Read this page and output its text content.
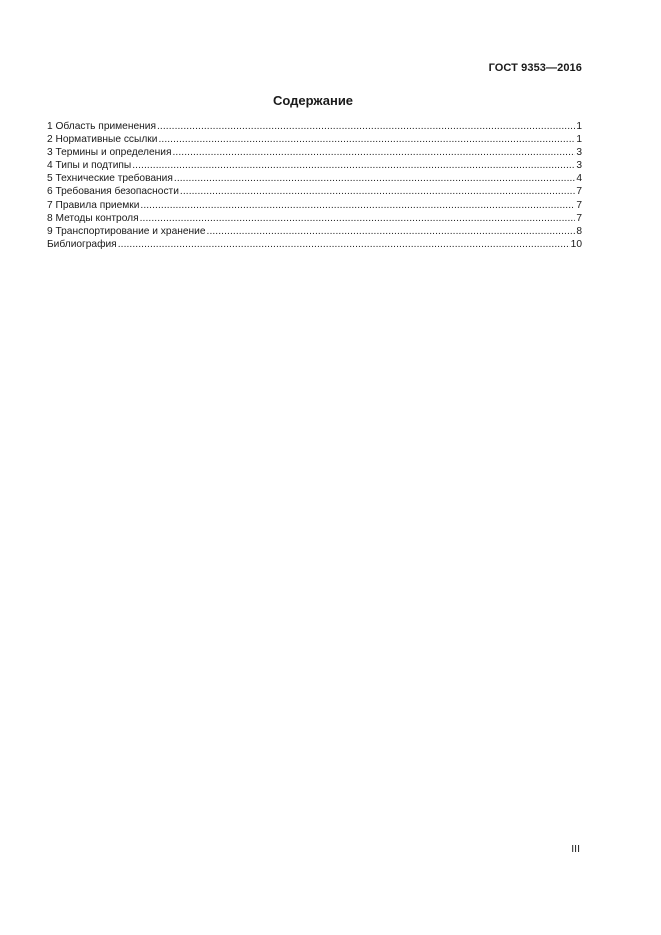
ГОСТ 9353—2016
Содержание
1 Область применения .....	1
2 Нормативные ссылки .....	1
3 Термины и определения .....	3
4 Типы и подтипы .....	3
5 Технические требования .....	4
6 Требования безопасности .....	7
7 Правила приемки .....	7
8 Методы контроля .....	7
9 Транспортирование и хранение .....	8
Библиография .....	10
III
